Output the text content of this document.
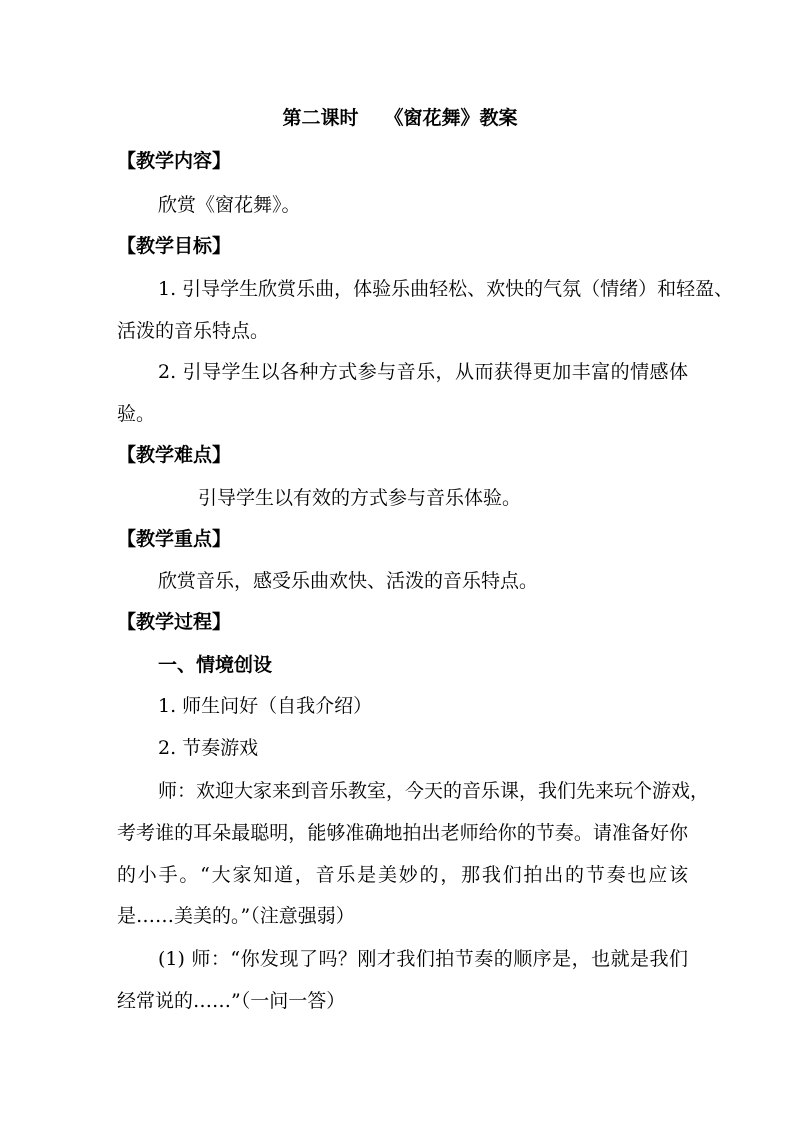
第二课时 《窗花舞》教案
【教学内容】
欣赏《窗花舞》。
【教学目标】
1. 引导学生欣赏乐曲，体验乐曲轻松、欢快的气氛（情绪）和轻盈、
活泼的音乐特点。
2. 引导学生以各种方式参与音乐，从而获得更加丰富的情感体
验。
【教学难点】
引导学生以有效的方式参与音乐体验。
【教学重点】
欣赏音乐，感受乐曲欢快、活泼的音乐特点。
【教学过程】
一、情境创设
1. 师生问好（自我介绍）
2. 节奏游戏
师：欢迎大家来到音乐教室，今天的音乐课，我们先来玩个游戏，
考考谁的耳朵最聪明，能够准确地拍出老师给你的节奏。请准备好你
的小手。“大家知道，音乐是美妙的，那我们拍出的节奏也应该
是……美美的。”（注意强弱）
(1) 师：“你发现了吗？刚才我们拍节奏的顺序是，也就是我们
经常说的……”（一问一答）
